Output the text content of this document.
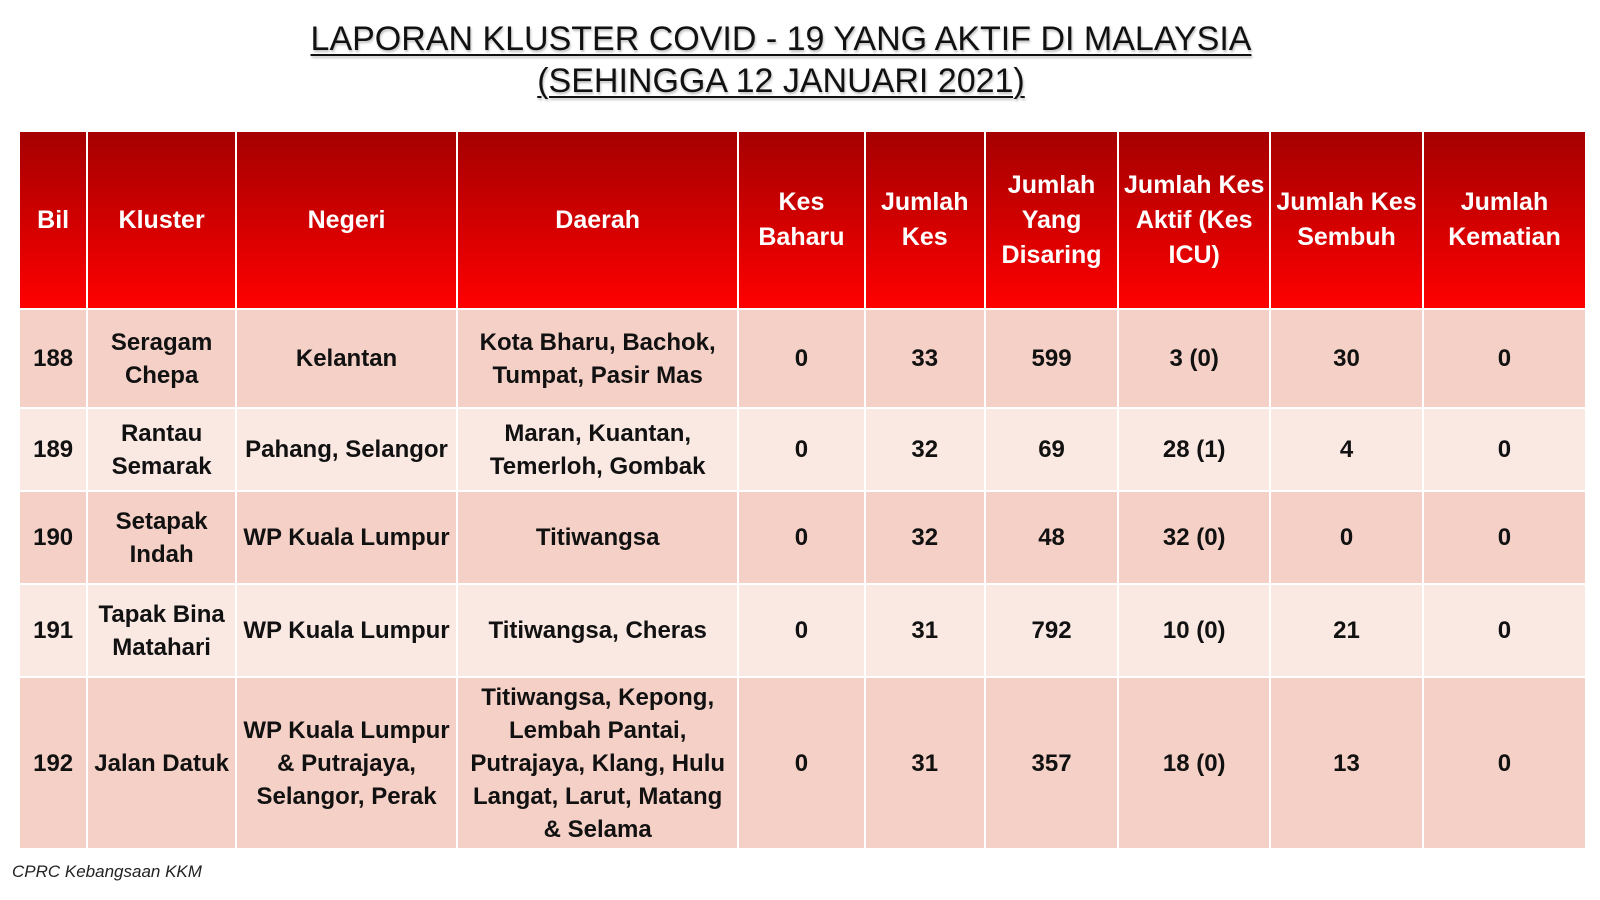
LAPORAN KLUSTER COVID - 19 YANG AKTIF DI MALAYSIA
(SEHINGGA 12 JANUARI 2021)
Bil	Kluster	Negeri	Daerah	Kes Baharu	Jumlah Kes	Jumlah Yang Disaring	Jumlah Kes Aktif (Kes ICU)	Jumlah Kes Sembuh	Jumlah Kematian
188	Seragam Chepa	Kelantan	Kota Bharu, Bachok, Tumpat, Pasir Mas	0	33	599	3 (0)	30	0
189	Rantau Semarak	Pahang, Selangor	Maran, Kuantan, Temerloh, Gombak	0	32	69	28 (1)	4	0
190	Setapak Indah	WP Kuala Lumpur	Titiwangsa	0	32	48	32 (0)	0	0
191	Tapak Bina Matahari	WP Kuala Lumpur	Titiwangsa, Cheras	0	31	792	10 (0)	21	0
192	Jalan Datuk	WP Kuala Lumpur & Putrajaya, Selangor, Perak	Titiwangsa, Kepong, Lembah Pantai, Putrajaya, Klang, Hulu Langat, Larut, Matang & Selama	0	31	357	18 (0)	13	0
CPRC Kebangsaan KKM
